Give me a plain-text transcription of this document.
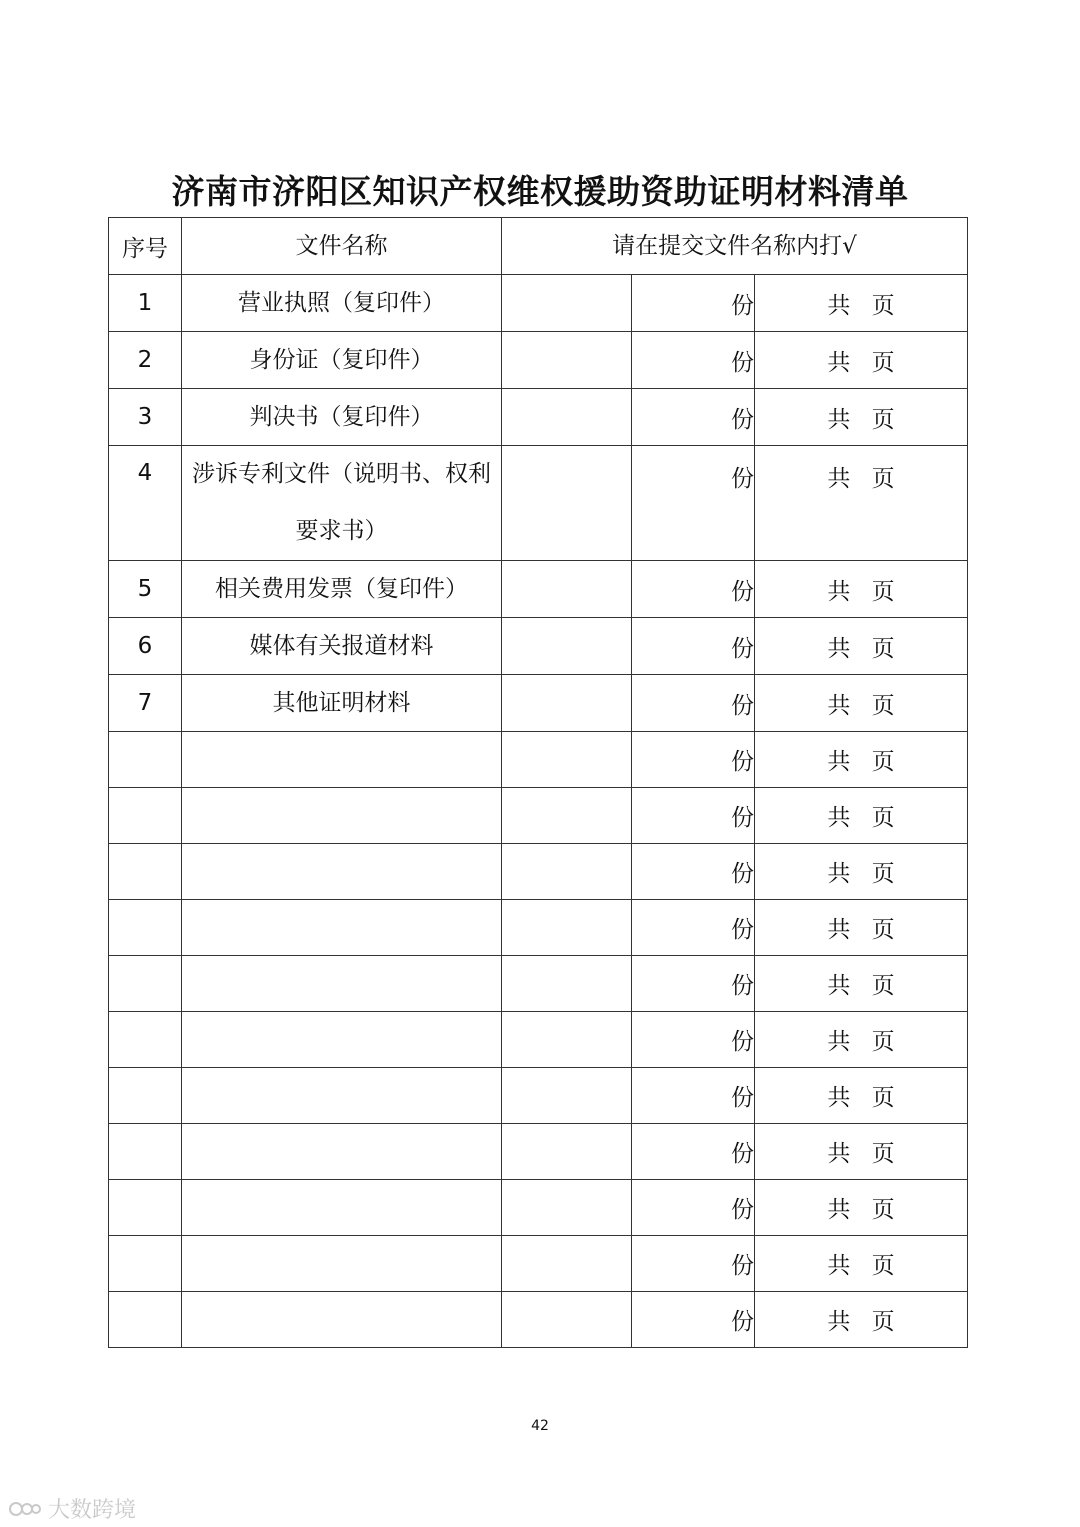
济南市济阳区知识产权维权援助资助证明材料清单
序号	文件名称	请在提交文件名称内打√		
1	营业执照（复印件）		份	共 页
2	身份证（复印件）		份	共 页
3	判决书（复印件）		份	共 页
4	涉诉专利文件（说明书、权利要求书）		份	共 页
5	相关费用发票（复印件）		份	共 页
6	媒体有关报道材料		份	共 页
7	其他证明材料		份	共 页
			份	共 页
			份	共 页
			份	共 页
			份	共 页
			份	共 页
			份	共 页
			份	共 页
			份	共 页
			份	共 页
			份	共 页
			份	共 页
42
大数跨境
